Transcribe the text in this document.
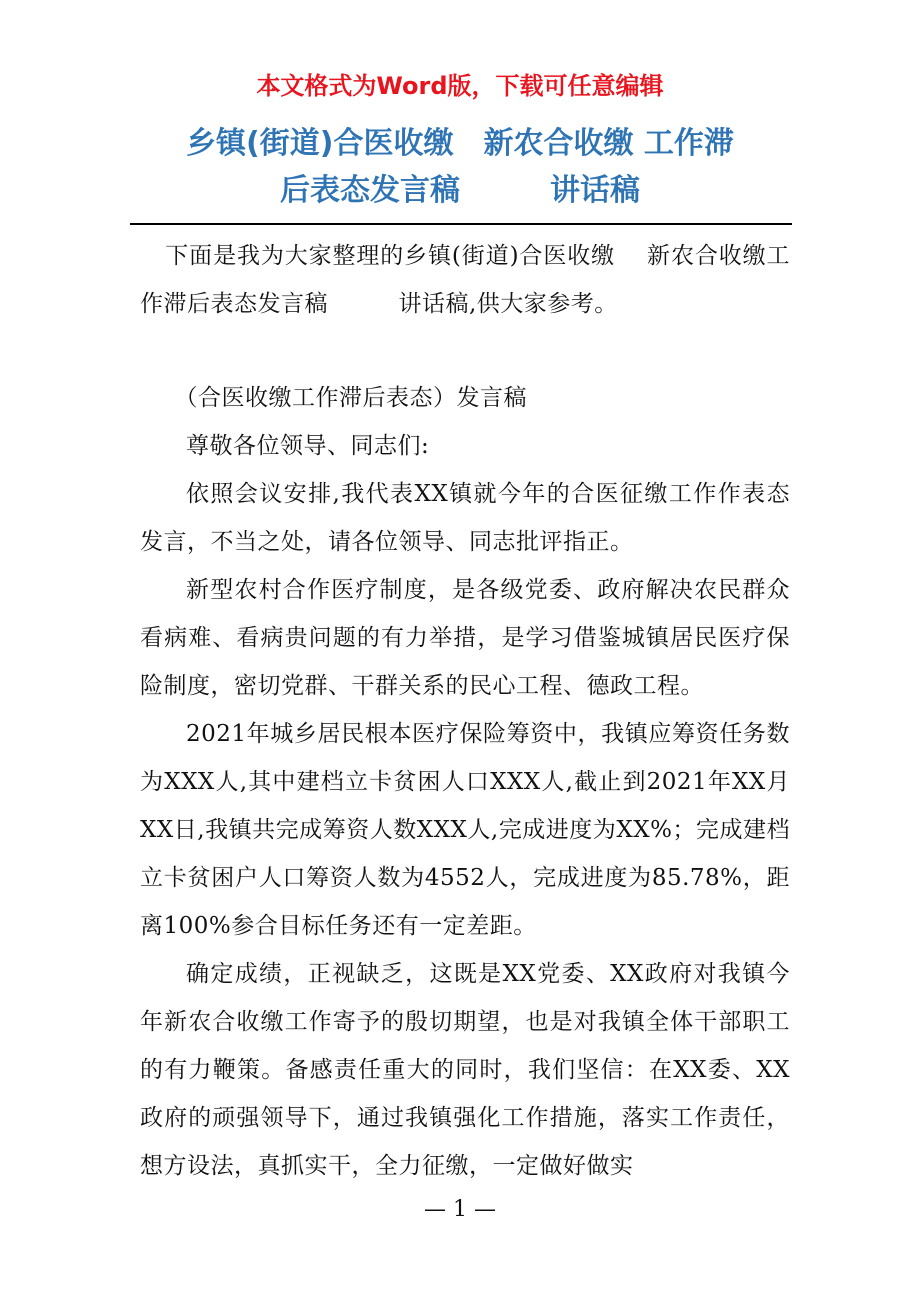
本文格式为Word版，下载可任意编辑
乡镇(街道)合医收缴　新农合收缴 工作滞
后表态发言稿　　　讲话稿

下面是我为大家整理的乡镇(街道)合医收缴　 新农合收缴工作滞后表态发言稿　　　讲话稿,供大家参考。

（合医收缴工作滞后表态）发言稿

尊敬各位领导、同志们:

依照会议安排,我代表XX镇就今年的合医征缴工作作表态发言，不当之处，请各位领导、同志批评指正。

新型农村合作医疗制度，是各级党委、政府解决农民群众看病难、看病贵问题的有力举措，是学习借鉴城镇居民医疗保险制度，密切党群、干群关系的民心工程、德政工程。

2021年城乡居民根本医疗保险筹资中，我镇应筹资任务数为XXX人,其中建档立卡贫困人口XXX人,截止到2021年XX月XX日,我镇共完成筹资人数XXX人,完成进度为XX%；完成建档立卡贫困户人口筹资人数为4552人，完成进度为85.78%，距离100%参合目标任务还有一定差距。

确定成绩，正视缺乏，这既是XX党委、XX政府对我镇今年新农合收缴工作寄予的殷切期望，也是对我镇全体干部职工的有力鞭策。备感责任重大的同时，我们坚信：在XX委、XX政府的顽强领导下，通过我镇强化工作措施，落实工作责任，想方设法，真抓实干，全力征缴，一定做好做实

— 1 —
